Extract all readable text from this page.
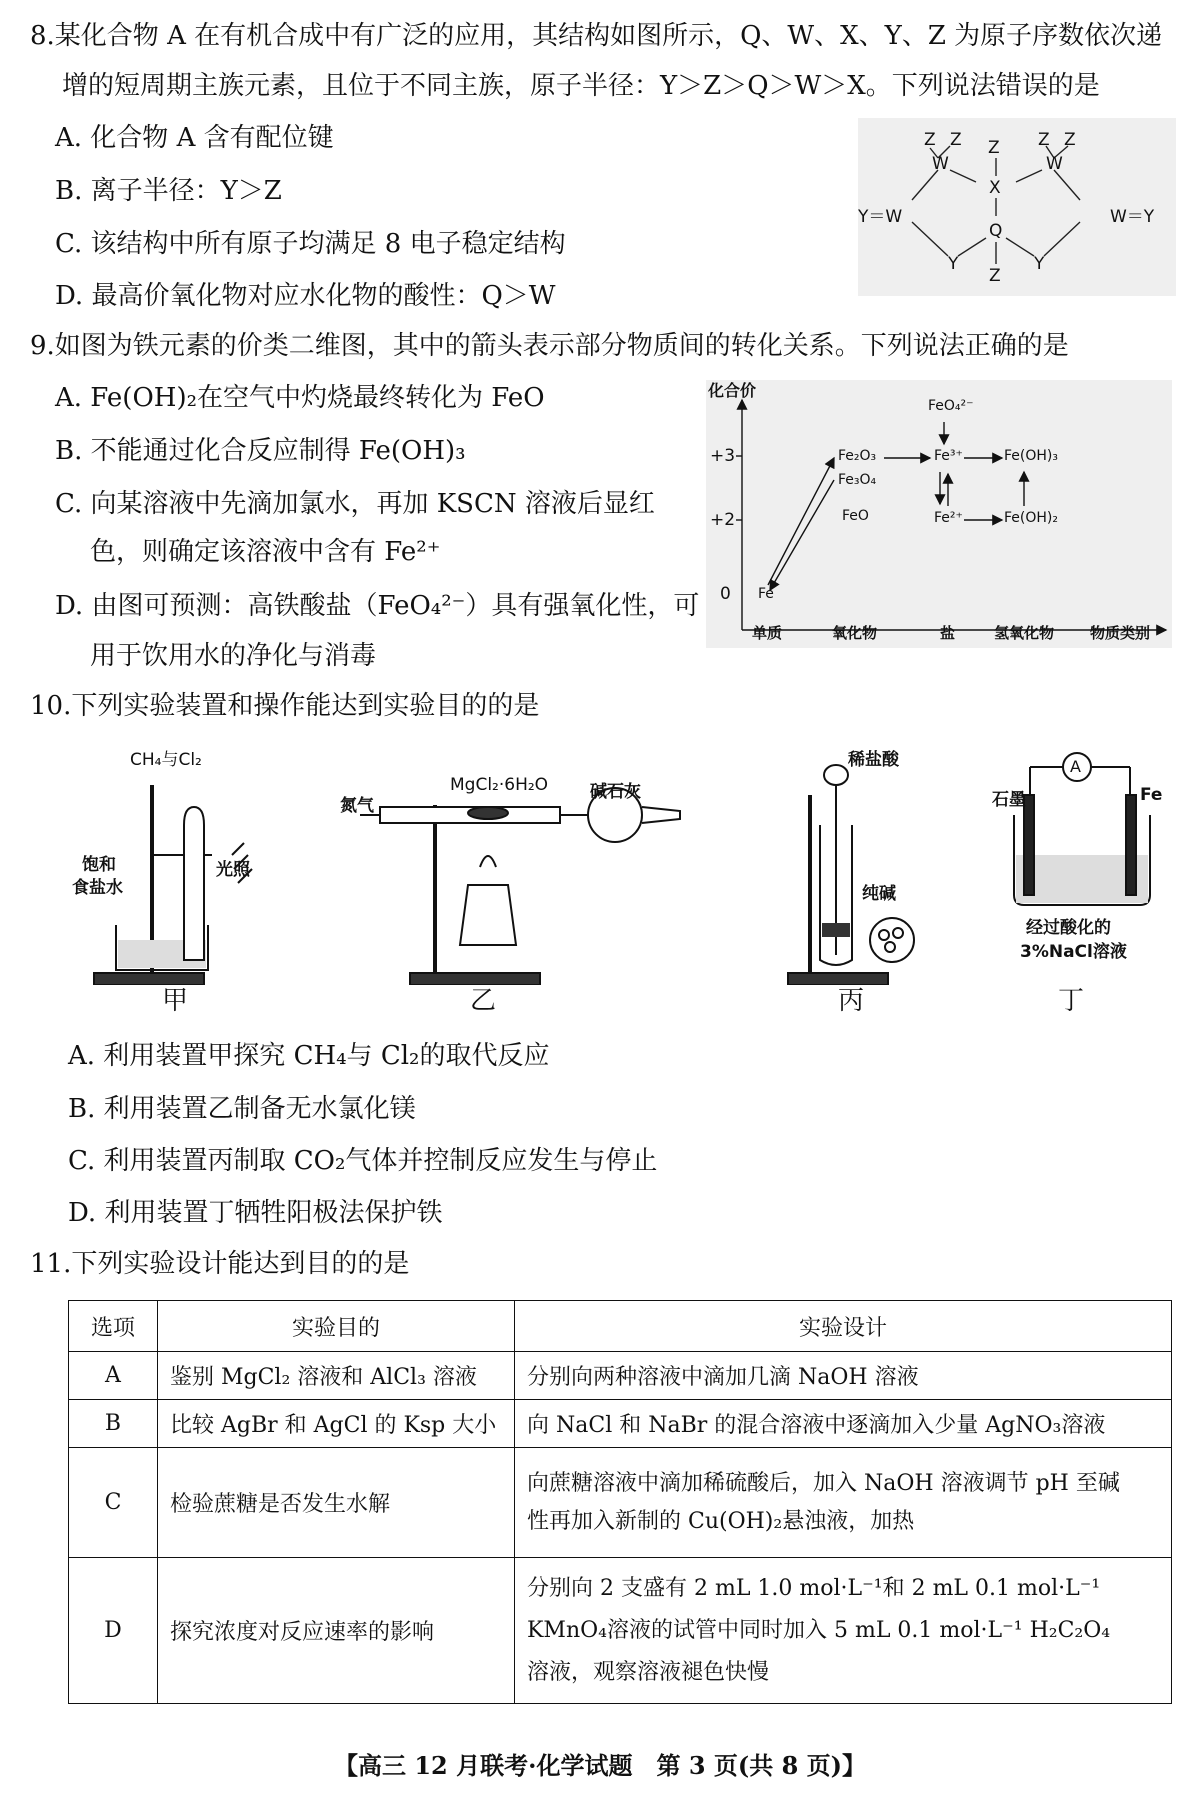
8.某化合物 A 在有机合成中有广泛的应用，其结构如图所示，Q、W、X、Y、Z 为原子序数依次递
增的短周期主族元素，且位于不同主族，原子半径：Y＞Z＞Q＞W＞X。下列说法错误的是
A. 化合物 A 含有配位键
B. 离子半径：Y＞Z
C. 该结构中所有原子均满足 8 电子稳定结构
D. 最高价氧化物对应水化物的酸性：Q＞W
Z Z Z Z Z
W	W
X
Y＝W	W＝Y
Q
Y	Y
Z
9.如图为铁元素的价类二维图，其中的箭头表示部分物质间的转化关系。下列说法正确的是
A. Fe(OH)₂在空气中灼烧最终转化为 FeO
B. 不能通过化合反应制得 Fe(OH)₃
C. 向某溶液中先滴加氯水，再加 KSCN 溶液后显红
色，则确定该溶液中含有 Fe²⁺
D. 由图可预测：高铁酸盐（FeO₄²⁻）具有强氧化性，可
用于饮用水的净化与消毒
化合价
+3
+2
0
单质	氧化物	盐	氢氧化物 物质类别
FeO₄²⁻
Fe₂O₃
Fe₃O₄
FeO
Fe³⁺
Fe²⁺
Fe(OH)₃
Fe(OH)₂
Fe
10.下列实验装置和操作能达到实验目的的是
CH₄与Cl₂
饱和
食盐水
光照
氮气
MgCl₂·6H₂O 碱石灰
稀盐酸
纯碱
A
石墨	Fe
经过酸化的
3%NaCl溶液
甲	乙	丙	丁
A. 利用装置甲探究 CH₄与 Cl₂的取代反应
B. 利用装置乙制备无水氯化镁
C. 利用装置丙制取 CO₂气体并控制反应发生与停止
D. 利用装置丁牺牲阳极法保护铁
11.下列实验设计能达到目的的是
选项	实验目的	实验设计
A	鉴别 MgCl₂ 溶液和 AlCl₃ 溶液	分别向两种溶液中滴加几滴 NaOH 溶液
B	比较 AgBr 和 AgCl 的 Ksp 大小	向 NaCl 和 NaBr 的混合溶液中逐滴加入少量 AgNO₃溶液
C	检验蔗糖是否发生水解	向蔗糖溶液中滴加稀硫酸后，加入 NaOH 溶液调节 pH 至碱
性再加入新制的 Cu(OH)₂悬浊液，加热

D	探究浓度对反应速率的影响	分别向 2 支盛有 2 mL 1.0 mol·L⁻¹和 2 mL 0.1 mol·L⁻¹
KMnO₄溶液的试管中同时加入 5 mL 0.1 mol·L⁻¹ H₂C₂O₄
溶液，观察溶液褪色快慢
【高三 12 月联考·化学试题　第 3 页(共 8 页)】
